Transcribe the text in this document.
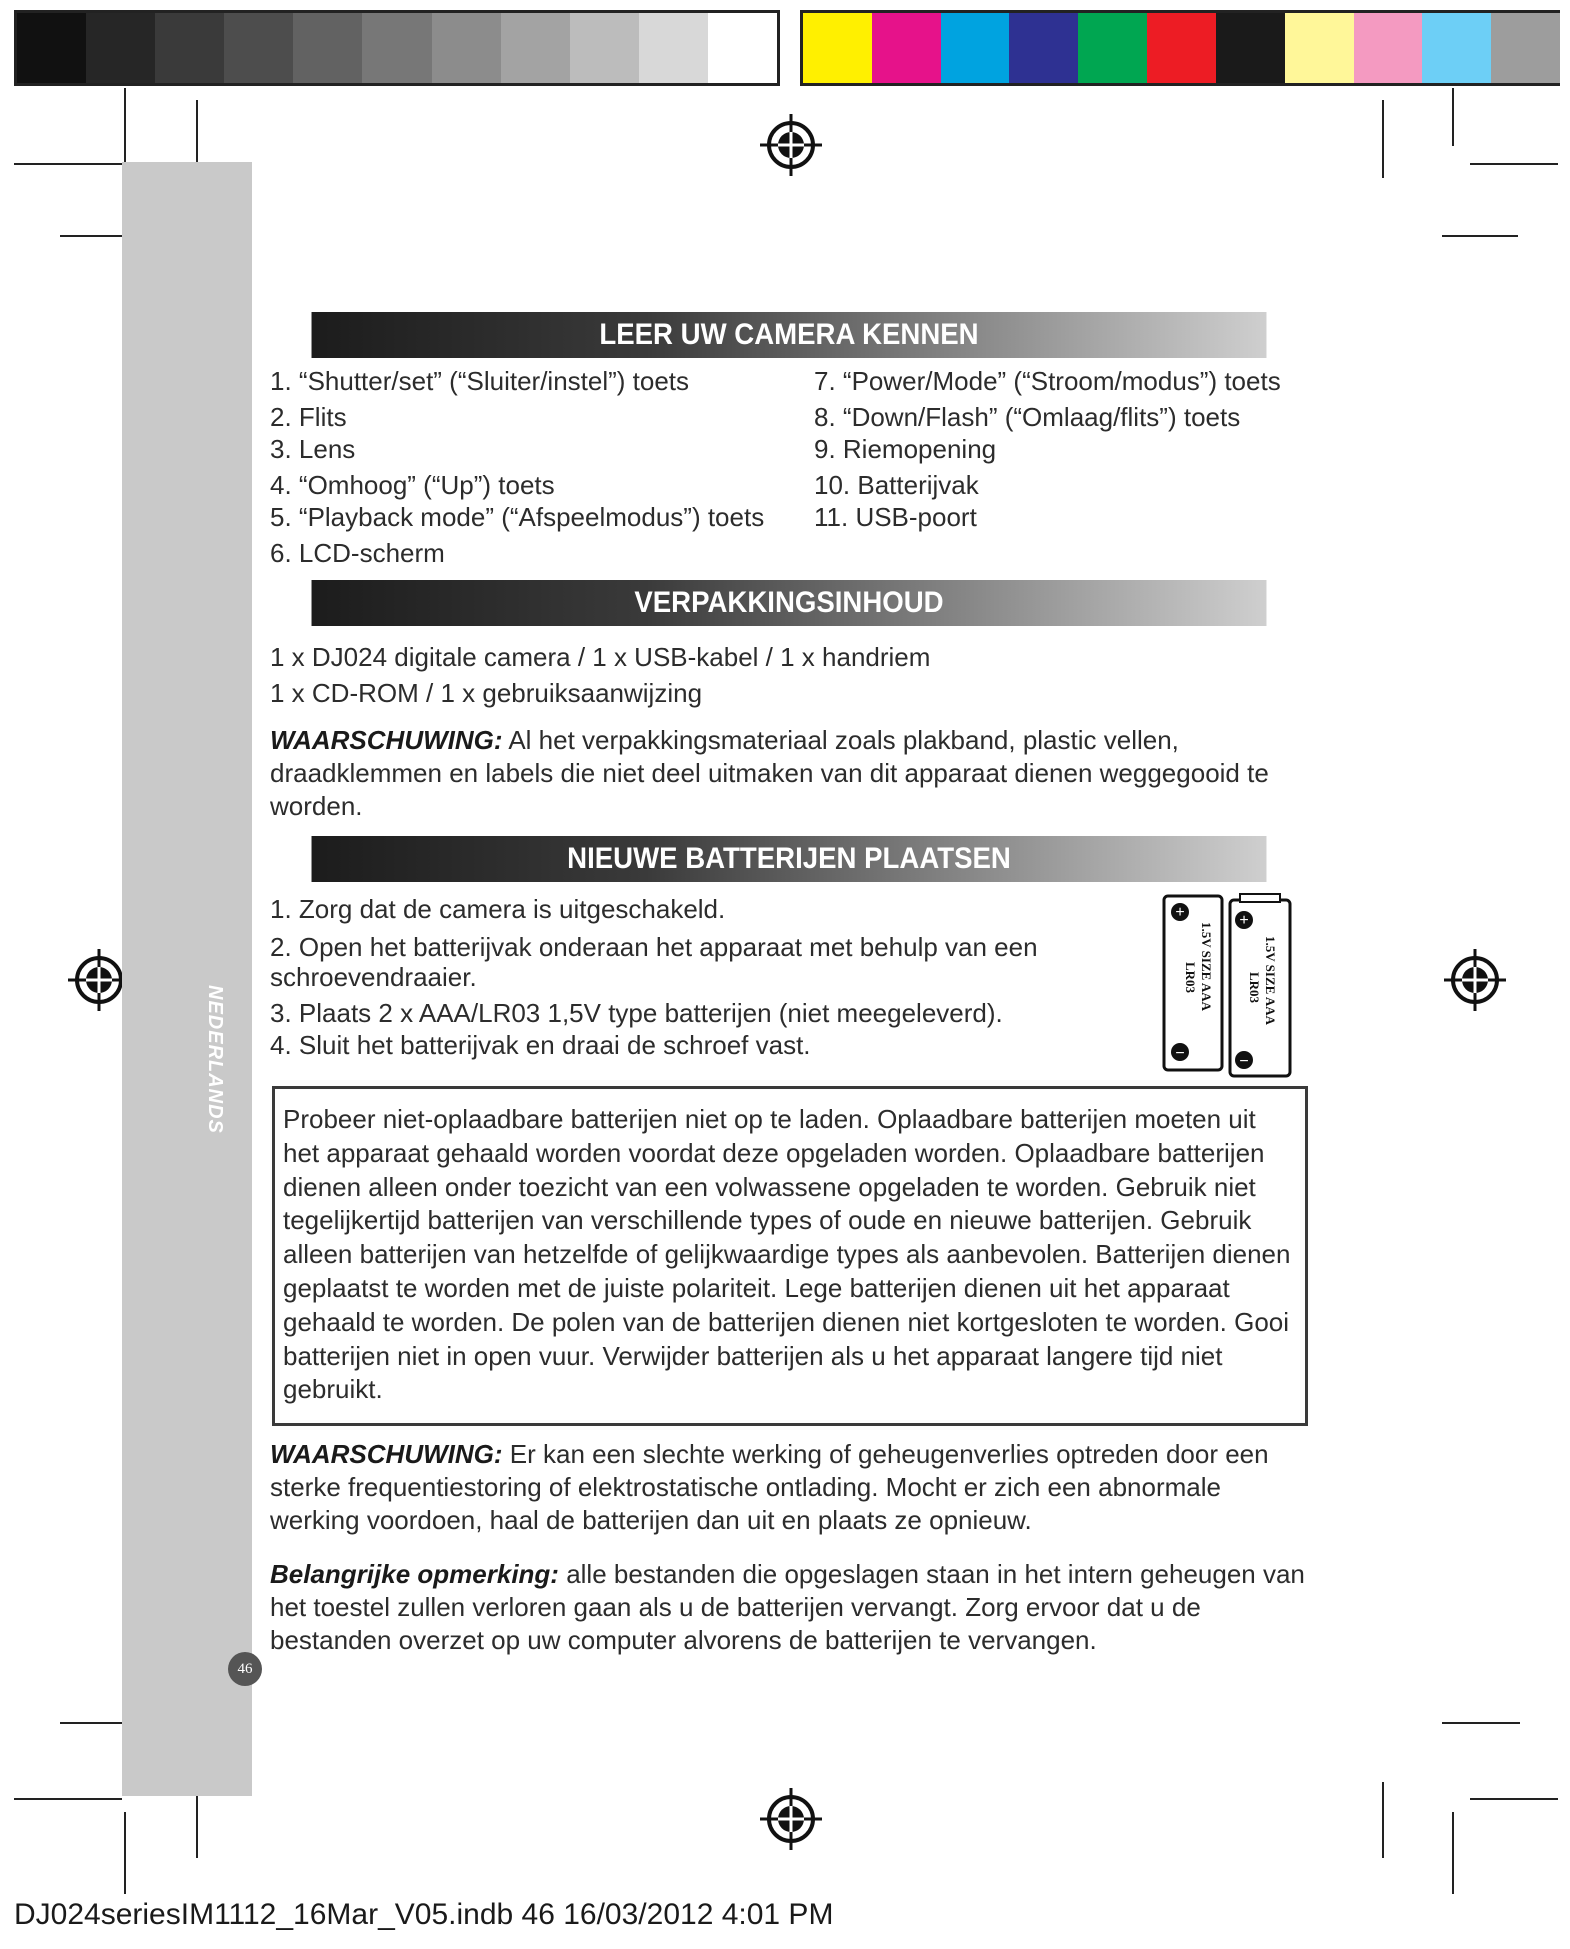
NEDERLANDS
46
LEER UW CAMERA KENNEN
1. “Shutter/set” (“Sluiter/instel”) toets
2. Flits
3. Lens
4. “Omhoog” (“Up”) toets
5. “Playback mode” (“Afspeelmodus”) toets
6. LCD-scherm
7. “Power/Mode” (“Stroom/modus”) toets
8. “Down/Flash” (“Omlaag/flits”) toets
9. Riemopening
10. Batterijvak
11. USB-poort
VERPAKKINGSINHOUD
1 x DJ024 digitale camera / 1 x USB-kabel / 1 x handriem
1 x CD-ROM / 1 x gebruiksaanwijzing
WAARSCHUWING: Al het verpakkingsmateriaal zoals plakband, plastic vellen, draadklemmen en labels die niet deel uitmaken van dit apparaat dienen weggegooid te worden.
NIEUWE BATTERIJEN PLAATSEN
1. Zorg dat de camera is uitgeschakeld.
2. Open het batterijvak onderaan het apparaat met behulp van een
schroevendraaier.
3. Plaats 2 x AAA/LR03 1,5V type batterijen (niet meegeleverd).
4. Sluit het batterijvak en draai de schroef vast.
+
−
+
−
1.5V SIZE AAA
LR03	1.5V SIZE AAA
LR03
Probeer niet-oplaadbare batterijen niet op te laden. Oplaadbare batterijen moeten uit het apparaat gehaald worden voordat deze opgeladen worden. Oplaadbare batterijen dienen alleen onder toezicht van een volwassene opgeladen te worden. Gebruik niet tegelijkertijd batterijen van verschillende types of oude en nieuwe batterijen. Gebruik alleen batterijen van hetzelfde of gelijkwaardige types als aanbevolen. Batterijen dienen geplaatst te worden met de juiste polariteit. Lege batterijen dienen uit het apparaat gehaald te worden. De polen van de batterijen dienen niet kortgesloten te worden. Gooi batterijen niet in open vuur. Verwijder batterijen als u het apparaat langere tijd niet gebruikt.
WAARSCHUWING: Er kan een slechte werking of geheugenverlies optreden door een sterke frequentiestoring of elektrostatische ontlading. Mocht er zich een abnormale werking voordoen, haal de batterijen dan uit en plaats ze opnieuw.
Belangrijke opmerking: alle bestanden die opgeslagen staan in het intern geheugen van het toestel zullen verloren gaan als u de batterijen vervangt. Zorg ervoor dat u de bestanden overzet op uw computer alvorens de batterijen te vervangen.
DJ024seriesIM1112_16Mar_V05.indb 46 16/03/2012 4:01 PM
